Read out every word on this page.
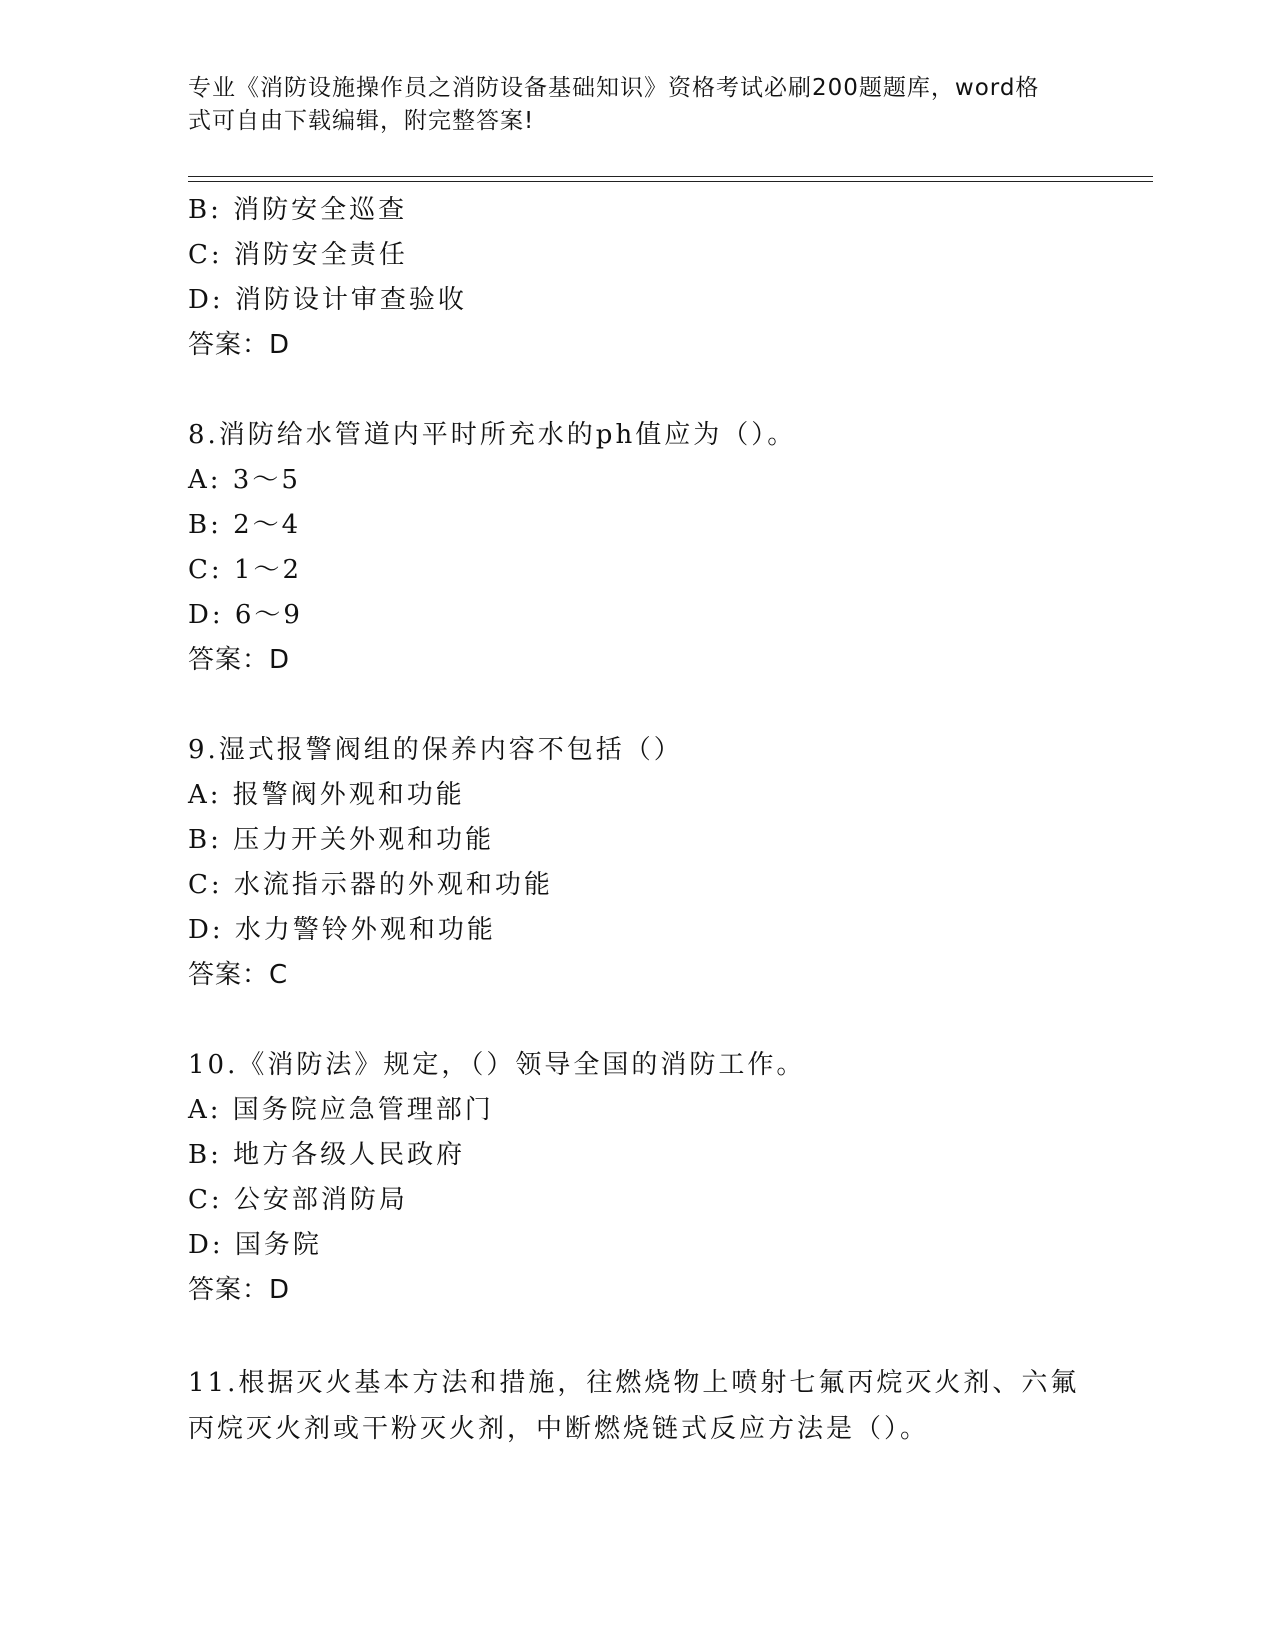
专业《消防设施操作员之消防设备基础知识》资格考试必刷200题题库，word格
式可自由下载编辑，附完整答案!
B: 消防安全巡查
C: 消防安全责任
D: 消防设计审查验收
答案：D
8.消防给水管道内平时所充水的ph值应为（）。
A: 3～5
B: 2～4
C: 1～2
D: 6～9
答案：D
9.湿式报警阀组的保养内容不包括（）
A: 报警阀外观和功能
B: 压力开关外观和功能
C: 水流指示器的外观和功能
D: 水力警铃外观和功能
答案：C
10.《消防法》规定，（）领导全国的消防工作。
A: 国务院应急管理部门
B: 地方各级人民政府
C: 公安部消防局
D: 国务院
答案：D
11.根据灭火基本方法和措施，往燃烧物上喷射七氟丙烷灭火剂、六氟丙烷灭火剂或干粉灭火剂，中断燃烧链式反应方法是（）。
